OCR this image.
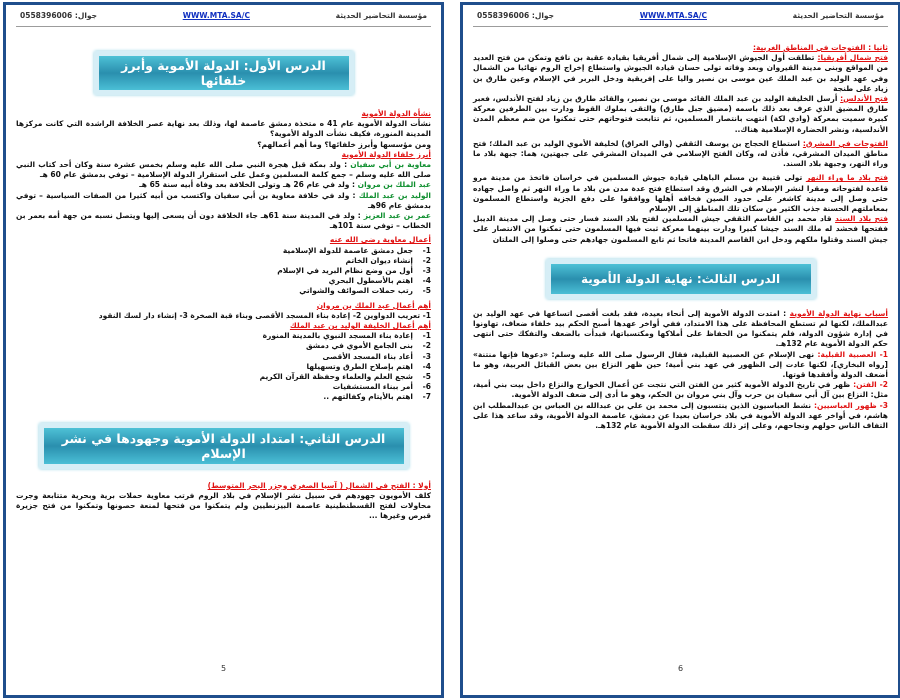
مؤسسة التحاضير الحديثة
WWW.MTA.SA/C
جوال: 0558396006
الدرس الأول: الدولة الأموية وأبرز خلفائها
نشأة الدولة الأموية
نشأت الدولة الأموية عام 41 ه متخذة دمشق عاصمة لها، وذلك بعد نهاية عصر الخلافة الراشدة التي كانت مركزها المدينة المنورة، فكيف نشأت الدولة الأموية؟
ومن مؤسسها وأبرز خلفائها؟ وما أهم أعمالهم؟
أبرز خلفاء الدولة الأموية
معاوية بن أبي سفيان : ولد بمكة قبل هجرة النبي صلى الله عليه وسلم بخمس عشرة سنة وكان أحد كتاب النبي صلى الله عليه وسلم – جمع كلمة المسلمين وعمل على استقرار الدولة الإسلامية – توفي بدمشق عام 60 هـ
عبد الملك بن مروان : ولد في عام 26 هـ وتولى الخلافة بعد وفاة أبيه سنة 65 هـ
الوليد بن عبد الملك : ولد في خلافة معاوية بن أبي سفيان واكتسب من أبيه كثيرا من الصفات السياسية – توفي بدمشق عام 96هـ
عمر بن عبد العزيز : ولد في المدينة سنة 61هـ جاء الخلافة دون أن يسعى إليها ويتصل نسبه من جهة أمه بعمر بن الخطاب – توفي سنة 101هـ
أعمال معاوية رضي الله عنه
1-
جعل دمشق عاصمة للدولة الإسلامية
2-
إنشاء ديوان الخاتم
3-
أول من وضع نظام البريد في الإسلام
4-
اهتم بالأسطول البحري
5-
رتب حملات الصوائف والشواتي
أهم أعمال عبد الملك بن مروان
1- تعريب الدواوين 2- إعادة بناء المسجد الأقصى وبناء قبة الصخرة 3- إنشاء دار لسك النقود
أهم أعمال الخليفة الوليد بن عبد الملك
1-
إعادة بناء المسجد النبوي بالمدينة المنورة
2-
بنى الجامع الأموي في دمشق
3-
أعاد بناء المسجد الأقصى
4-
اهتم بإصلاح الطرق وتسهيلها
5-
شجع العلم والعلماء وحفظة القرآن الكريم
6-
أمر ببناء المستشفيات
7-
اهتم بالأيتام وكفالتهم ..
الدرس الثاني: امتداد الدولة الأموية وجهودها في نشر الإسلام
أولا : الفتح في الشمال ( آسيا الصغرى وجزر البحر المتوسط)
كلف الأمويون جهودهم في سبيل نشر الإسلام في بلاد الروم فرتب معاوية حملات برية وبحرية متتابعة وجرت محاولات لفتح القسطنطينية عاصمة البيزنطيين ولم يتمكنوا من فتحها لمنعة حصونها وتمكنوا من فتح جزيرة قبرص وغيرها ...
5
مؤسسة التحاضير الحديثة
WWW.MTA.SA/C
جوال: 0558396006
ثانيا : الفتوحات في المناطق الغربية:
فتح شمال أفريقيا: تطلقت أول الجيوش الإسلامية إلى شمال أفريقيا بقيادة عقبة بن نافع وتمكن من فتح العديد من المواقع وبنى مدينة القيروان وبعد وفاته تولى حسان قيادة الجيوش واستطاع إخراج الروم نهائيا من الشمال وفي عهد الوليد بن عبد الملك عين موسى بن نصير واليا على إفريقية ودخل البربر في الإسلام وعين طارق بن زياد على طنجة
فتح الأندلس: أرسل الخليفة الوليد بن عبد الملك القائد موسى بن نصير، والقائد طارق بن زياد لفتح الأندلس، فعبر طارق المضيق الذي عرف بعد ذلك باسمه (مضيق جبل طارق) والتقى بملوك القوط ودارت بين الطرفين معركة كبيرة سميت بمعركة (وادي لكة) انتهت بانتصار المسلمين، ثم تتابعت فتوحاتهم حتى تمكنوا من ضم معظم المدن الأندلسية، ونشر الحضارة الإسلامية هناك..
الفتوحات في المشرق: استطاع الحجاج بن يوسف الثقفي (والي العراق) لخليفة الأموي الوليد بن عبد الملك؛ فتح مناطق الميدان المشرقي، فأذن له، وكان الفتح الإسلامي في الميدان المشرقي على جبهتين، هما: جبهة بلاد ما وراء النهر، وجبهة بلاد السند.
فتح بلاد ما وراء النهر تولى قتيبة بن مسلم الباهلي قيادة جيوش المسلمين في خراسان فاتخذ من مدينة مرو قاعدة لفتوحاته ومقرا لنشر الإسلام في الشرق وقد استطاع فتح عدة مدن من بلاد ما وراء النهر ثم واصل جهاده حتى وصل إلى مدينة كاشغر على حدود الصين فخافه أهلها ووافقوا على دفع الجزية واستطاع المسلمون بمعاملتهم الحسنة جذب الكثير من سكان تلك المناطق إلى الإسلام
فتح بلاد السند قاد محمد بن القاسم الثقفي جيش المسلمين لفتح بلاد السند فسار حتى وصل إلى مدينة الديبل ففتحها فحشد له ملك السند جيشا كبيرا ودارت بينهما معركة ثبت فيها المسلمون حتى تمكنوا من الانتصار على جيش السند وقتلوا ملكهم ودخل ابن القاسم المدينة فاتحا ثم تابع المسلمون جهادهم حتى وصلوا إلى الملتان
الدرس الثالث: نهاية الدولة الأموية
أسباب نهاية الدولة الأموية : امتدت الدولة الأموية إلى أنحاء بعيدة، فقد بلغت أقصى اتساعها في عهد الوليد بن عبدالملك، لكنها لم تستطع المحافظة على هذا الامتداد، ففي أواخر عهدها أصبح الحكم بيد خلفاء ضعاف، تهاونوا في إدارة شؤون الدولة، فلم يتمكنوا من الحفاظ على أملاكها ومكتسباتها، فبدأت بالضعف والتفكك حتى انتهى حكم الدولة الأموية عام 132هـ.
1- العصبية القبلية: نهى الإسلام عن العصبية القبلية، فقال الرسول صلى الله عليه وسلم: «دعوها فإنها منتنة» [رواه البخاري]، لكنها عادت إلى الظهور في عهد بني أمية؛ حين ظهر النزاع بين بعض القبائل العربية، وهو ما أضعف الدولة وأفقدها قوتها.
2- الفتن: ظهر في تاريخ الدولة الأموية كثير من الفتن التي نتجت عن أعمال الخوارج والنزاع داخل بيت بني أمية، مثل: النزاع بين آل أبي سفيان بن حرب وآل بني مروان بن الحكم، وهو ما أدى إلى ضعف الدولة الأموية.
3- ظهور العباسيين: نشط العباسيون الذين ينتسبون إلى محمد بن علي بن عبدالله بن العباس بن عبدالمطلب ابن هاشم، في أواخر عهد الدولة الأموية في بلاد خراسان بعيدا عن دمشق، عاصمة الدولة الأموية، وقد ساعد هذا على التفاف الناس حولهم ونجاحهم، وعلى إثر ذلك سقطت الدولة الأموية عام 132هـ.
6
